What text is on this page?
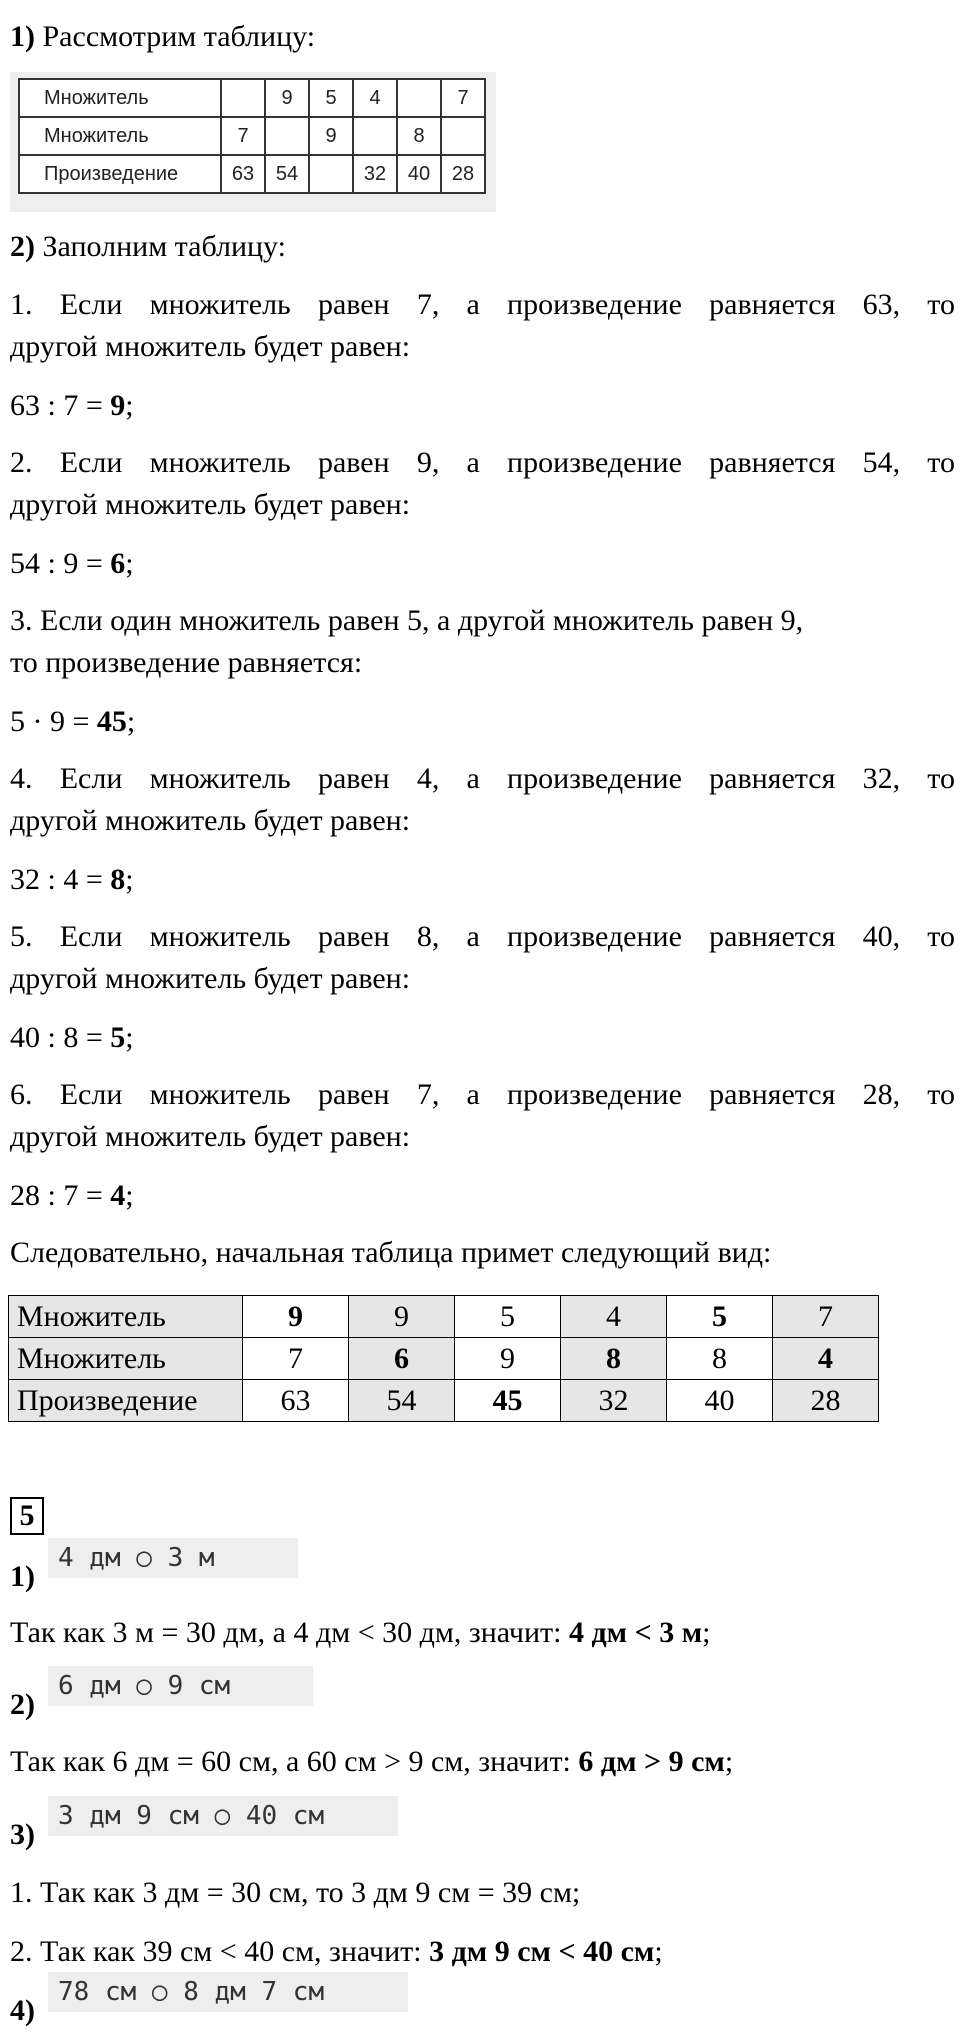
1) Рассмотрим таблицу:
Множитель		9	5	4		7
Множитель	7		9		8	
Произведение	63	54		32	40	28
2) Заполним таблицу:
1. Если множитель равен 7, а произведение равняется 63, то
другой множитель будет равен:
63 : 7 = 9;
2. Если множитель равен 9, а произведение равняется 54, то
другой множитель будет равен:
54 : 9 = 6;
3. Если один множитель равен 5, а другой множитель равен 9,
то произведение равняется:
5 · 9 = 45;
4. Если множитель равен 4, а произведение равняется 32, то
другой множитель будет равен:
32 : 4 = 8;
5. Если множитель равен 8, а произведение равняется 40, то
другой множитель будет равен:
40 : 8 = 5;
6. Если множитель равен 7, а произведение равняется 28, то
другой множитель будет равен:
28 : 7 = 4;
Следовательно, начальная таблица примет следующий вид:
Множитель	9	9	5	4	5	7
Множитель	7	6	9	8	8	4
Произведение	63	54	45	32	40	28
5
1)
4 дм ○ 3 м
Так как 3 м = 30 дм, а 4 дм < 30 дм, значит: 4 дм < 3 м;
2)
6 дм ○ 9 см
Так как 6 дм = 60 см, а 60 см > 9 см, значит: 6 дм > 9 см;
3)
3 дм 9 см ○ 40 см
1. Так как 3 дм = 30 см, то 3 дм 9 см = 39 см;
2. Так как 39 см < 40 см, значит: 3 дм 9 см < 40 см;
4)
78 см ○ 8 дм 7 см
